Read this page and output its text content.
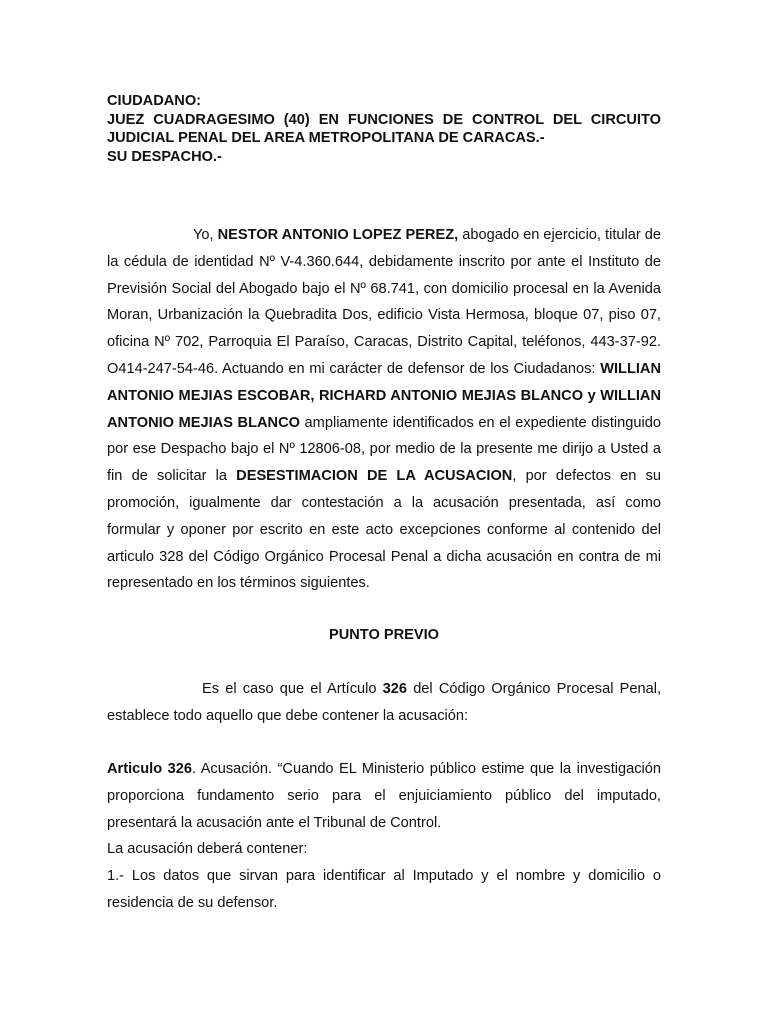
CIUDADANO:
JUEZ CUADRAGESIMO (40) EN FUNCIONES DE CONTROL DEL CIRCUITO JUDICIAL PENAL DEL AREA METROPOLITANA DE CARACAS.-
SU DESPACHO.-
Yo, NESTOR ANTONIO LOPEZ PEREZ, abogado en ejercicio, titular de la cédula de identidad Nº V-4.360.644, debidamente inscrito por ante el Instituto de Previsión Social del Abogado bajo el Nº 68.741, con domicilio procesal en la Avenida Moran, Urbanización la Quebradita Dos, edificio Vista Hermosa, bloque 07, piso 07, oficina Nº 702, Parroquia El Paraíso, Caracas, Distrito Capital, teléfonos, 443-37-92. O414-247-54-46. Actuando en mi carácter de defensor de los Ciudadanos: WILLIAN ANTONIO MEJIAS ESCOBAR, RICHARD ANTONIO MEJIAS BLANCO y WILLIAN ANTONIO MEJIAS BLANCO ampliamente identificados en el expediente distinguido por ese Despacho bajo el Nº 12806-08, por medio de la presente me dirijo a Usted a fin de solicitar la DESESTIMACION DE LA ACUSACION, por defectos en su promoción, igualmente dar contestación a la acusación presentada, así como formular y oponer por escrito en este acto excepciones conforme al contenido del articulo 328 del Código Orgánico Procesal Penal a dicha acusación en contra de mi representado en los términos siguientes.
PUNTO PREVIO
Es el caso que el Artículo 326 del Código Orgánico Procesal Penal, establece todo aquello que debe contener la acusación:
Articulo 326. Acusación. “Cuando EL Ministerio público estime que la investigación proporciona fundamento serio para el enjuiciamiento público del imputado, presentará la acusación ante el Tribunal de Control.
La acusación deberá contener:
1.- Los datos que sirvan para identificar al Imputado y el nombre y domicilio o residencia de su defensor.
